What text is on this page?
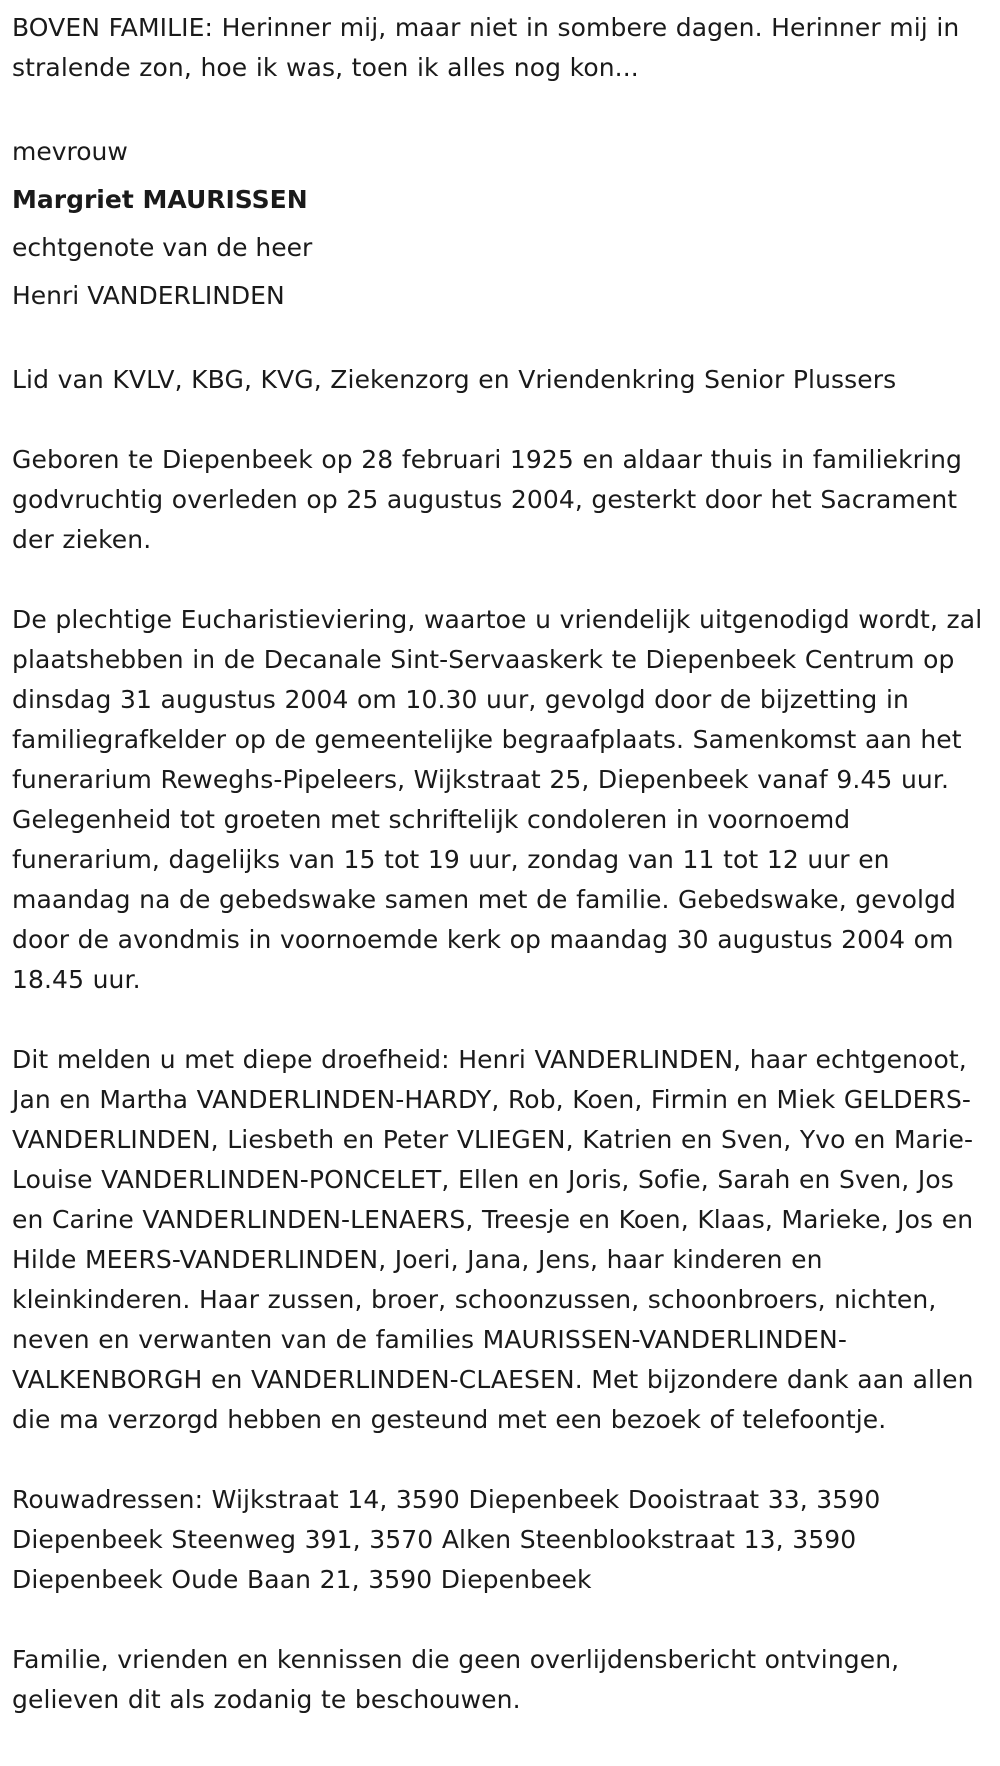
BOVEN FAMILIE: Herinner mij, maar niet in sombere dagen. Herinner mij in stralende zon, hoe ik was, toen ik alles nog kon...

mevrouw
Margriet MAURISSEN
echtgenote van de heer
Henri VANDERLINDEN

Lid van KVLV, KBG, KVG, Ziekenzorg en Vriendenkring Senior Plussers

Geboren te Diepenbeek op 28 februari 1925 en aldaar thuis in familiekring godvruchtig overleden op 25 augustus 2004, gesterkt door het Sacrament der zieken.

De plechtige Eucharistieviering, waartoe u vriendelijk uitgenodigd wordt, zal plaatshebben in de Decanale Sint-Servaaskerk te Diepenbeek Centrum op dinsdag 31 augustus 2004 om 10.30 uur, gevolgd door de bijzetting in familiegrafkelder op de gemeentelijke begraafplaats. Samenkomst aan het funerarium Reweghs-Pipeleers, Wijkstraat 25, Diepenbeek vanaf 9.45 uur. Gelegenheid tot groeten met schriftelijk condoleren in voornoemd funerarium, dagelijks van 15 tot 19 uur, zondag van 11 tot 12 uur en maandag na de gebedswake samen met de familie. Gebedswake, gevolgd door de avondmis in voornoemde kerk op maandag 30 augustus 2004 om 18.45 uur.

Dit melden u met diepe droefheid: Henri VANDERLINDEN, haar echtgenoot, Jan en Martha VANDERLINDEN-HARDY, Rob, Koen, Firmin en Miek GELDERS-VANDERLINDEN, Liesbeth en Peter VLIEGEN, Katrien en Sven, Yvo en Marie-Louise VANDERLINDEN-PONCELET, Ellen en Joris, Sofie, Sarah en Sven, Jos en Carine VANDERLINDEN-LENAERS, Treesje en Koen, Klaas, Marieke, Jos en Hilde MEERS-VANDERLINDEN, Joeri, Jana, Jens, haar kinderen en kleinkinderen. Haar zussen, broer, schoonzussen, schoonbroers, nichten, neven en verwanten van de families MAURISSEN-VANDERLINDEN-VALKENBORGH en VANDERLINDEN-CLAESEN. Met bijzondere dank aan allen die ma verzorgd hebben en gesteund met een bezoek of telefoontje.

Rouwadressen: Wijkstraat 14, 3590 Diepenbeek Dooistraat 33, 3590 Diepenbeek Steenweg 391, 3570 Alken Steenblookstraat 13, 3590 Diepenbeek Oude Baan 21, 3590 Diepenbeek

Familie, vrienden en kennissen die geen overlijdensbericht ontvingen, gelieven dit als zodanig te beschouwen.
